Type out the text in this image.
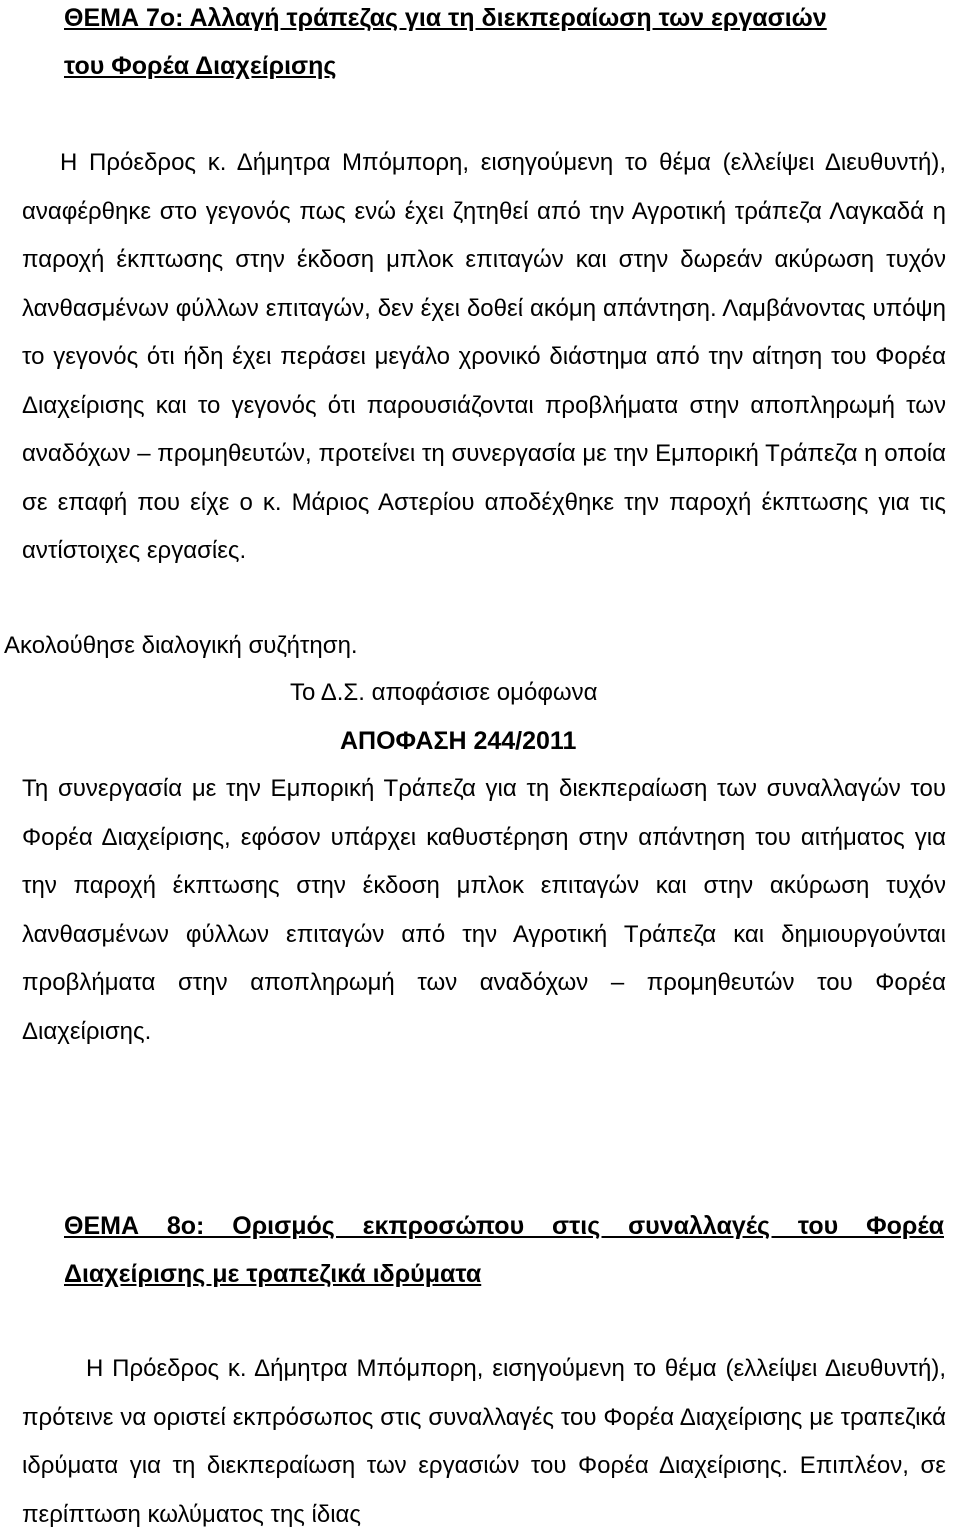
ΘΕΜΑ 7ο: Αλλαγή τράπεζας για τη διεκπεραίωση των εργασιών
του Φορέα Διαχείρισης

Η Πρόεδρος κ. Δήμητρα Μπόμπορη, εισηγούμενη το θέμα (ελλείψει Διευθυντή), αναφέρθηκε στο γεγονός πως ενώ έχει ζητηθεί από την Αγροτική τράπεζα Λαγκαδά η παροχή έκπτωσης στην έκδοση μπλοκ επιταγών και στην δωρεάν ακύρωση τυχόν λανθασμένων φύλλων επιταγών, δεν έχει δοθεί ακόμη απάντηση. Λαμβάνοντας υπόψη το γεγονός ότι ήδη έχει περάσει μεγάλο χρονικό διάστημα από την αίτηση του Φορέα Διαχείρισης και το γεγονός ότι παρουσιάζονται προβλήματα στην αποπληρωμή των αναδόχων – προμηθευτών, προτείνει τη συνεργασία με την Εμπορική Τράπεζα η οποία σε επαφή που είχε ο κ. Μάριος Αστερίου αποδέχθηκε την παροχή έκπτωσης για τις αντίστοιχες εργασίες.

Ακολούθησε διαλογική συζήτηση.
Το Δ.Σ. αποφάσισε ομόφωνα
ΑΠΟΦΑΣΗ 244/2011

Τη συνεργασία με την Εμπορική Τράπεζα για τη διεκπεραίωση των συναλλαγών του Φορέα Διαχείρισης, εφόσον υπάρχει καθυστέρηση στην απάντηση του αιτήματος για την παροχή έκπτωσης στην έκδοση μπλοκ επιταγών και στην ακύρωση τυχόν λανθασμένων φύλλων επιταγών από την Αγροτική Τράπεζα και δημιουργούνται προβλήματα στην αποπληρωμή των αναδόχων – προμηθευτών του Φορέα Διαχείρισης.

ΘΕΜΑ 8ο: Ορισμός εκπροσώπου στις συναλλαγές του Φορέα
Διαχείρισης με τραπεζικά ιδρύματα

Η Πρόεδρος κ. Δήμητρα Μπόμπορη, εισηγούμενη το θέμα (ελλείψει Διευθυντή), πρότεινε να οριστεί εκπρόσωπος στις συναλλαγές του Φορέα Διαχείρισης με τραπεζικά ιδρύματα για τη διεκπεραίωση των εργασιών του Φορέα Διαχείρισης. Επιπλέον, σε περίπτωση κωλύματος της ίδιας
